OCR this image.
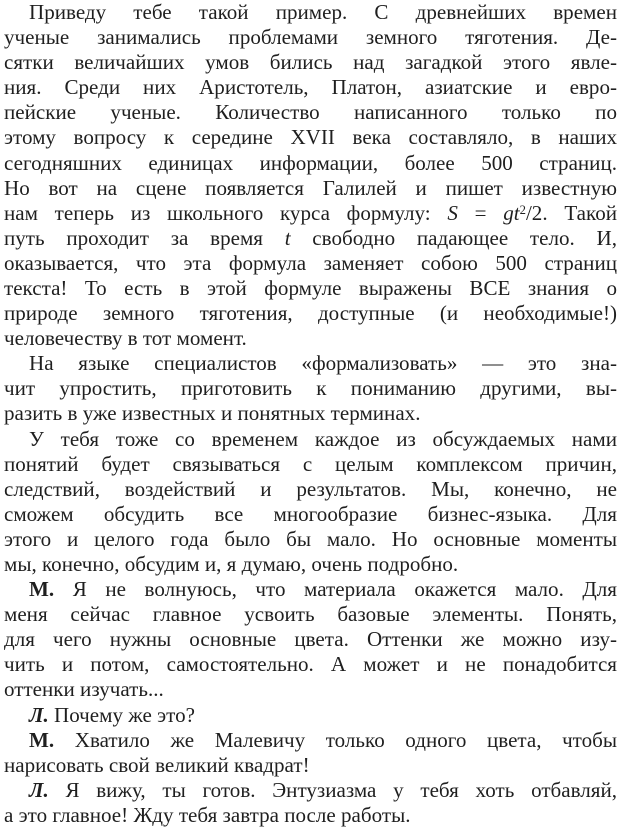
Приведу тебе такой пример. С древнейших времен
ученые занимались проблемами земного тяготения. Де-
сятки величайших умов бились над загадкой этого явле-
ния. Среди них Аристотель, Платон, азиатские и евро-
пейские ученые. Количество написанного только по
этому вопросу к середине XVII века составляло, в наших
сегодняшних единицах информации, более 500 страниц.
Но вот на сцене появляется Галилей и пишет известную
нам теперь из школьного курса формулу: $S = gt^2/2$. Такой
путь проходит за время t свободно падающее тело. И,
оказывается, что эта формула заменяет собою 500 страниц
текста! То есть в этой формуле выражены ВСЕ знания о
природе земного тяготения, доступные (и необходимые!)
человечеству в тот момент.
На языке специалистов «формализовать» — это зна-
чит упростить, приготовить к пониманию другими, вы-
разить в уже известных и понятных терминах.
У тебя тоже со временем каждое из обсуждаемых нами
понятий будет связываться с целым комплексом причин,
следствий, воздействий и результатов. Мы, конечно, не
сможем обсудить все многообразие бизнес-языка. Для
этого и целого года было бы мало. Но основные моменты
мы, конечно, обсудим и, я думаю, очень подробно.
М. Я не волнуюсь, что материала окажется мало. Для
меня сейчас главное усвоить базовые элементы. Понять,
для чего нужны основные цвета. Оттенки же можно изу-
чить и потом, самостоятельно. А может и не понадобится
оттенки изучать...
Л. Почему же это?
М. Хватило же Малевичу только одного цвета, чтобы
нарисовать свой великий квадрат!
Л. Я вижу, ты готов. Энтузиазма у тебя хоть отбавляй,
а это главное! Жду тебя завтра после работы.
